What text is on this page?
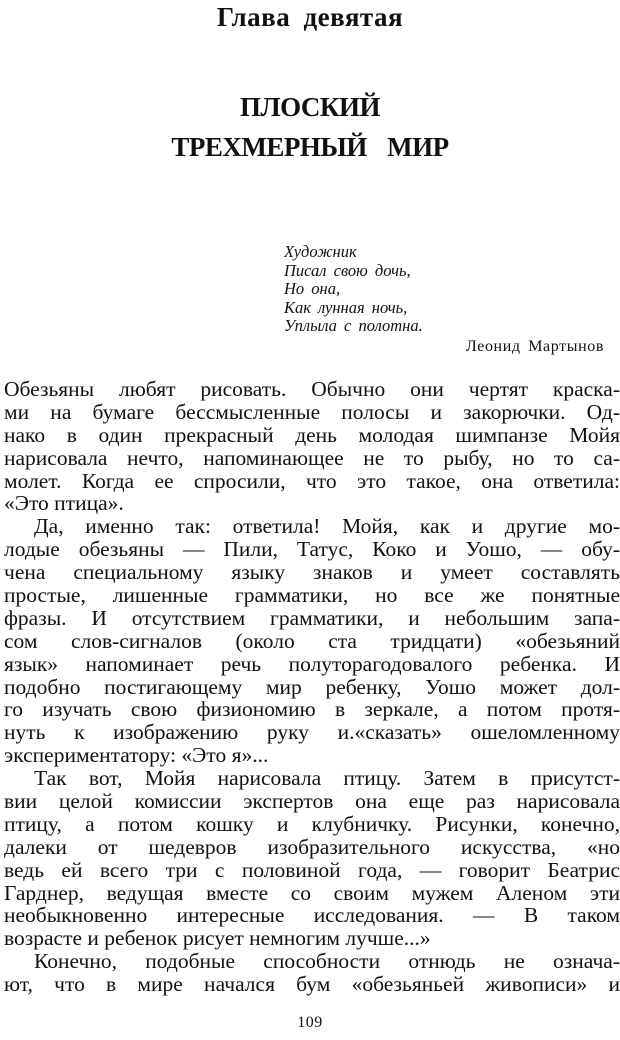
Глава девятая
ПЛОСКИЙ
ТРЕХМЕРНЫЙ МИР
Художник
Писал свою дочь,
Но она,
Как лунная ночь,
Уплыла с полотна.
Леонид Мартынов
Обезьяны любят рисовать. Обычно они чертят краска-
ми на бумаге бессмысленные полосы и закорючки. Од-
нако в один прекрасный день молодая шимпанзе Мойя
нарисовала нечто, напоминающее не то рыбу, но то са-
молет. Когда ее спросили, что это такое, она ответила:
«Это птица».
Да, именно так: ответила! Мойя, как и другие мо-
лодые обезьяны — Пили, Татус, Коко и Уошо, — обу-
чена специальному языку знаков и умеет составлять
простые, лишенные грамматики, но все же понятные
фразы. И отсутствием грамматики, и небольшим запа-
сом слов-сигналов (около ста тридцати) «обезьяний
язык» напоминает речь полуторагодовалого ребенка. И
подобно постигающему мир ребенку, Уошо может дол-
го изучать свою физиономию в зеркале, а потом протя-
нуть к изображению руку и.«сказать» ошеломленному
экспериментатору: «Это я»...
Так вот, Мойя нарисовала птицу. Затем в присутст-
вии целой комиссии экспертов она еще раз нарисовала
птицу, а потом кошку и клубничку. Рисунки, конечно,
далеки от шедевров изобразительного искусства, «но
ведь ей всего три с половиной года, — говорит Беатрис
Гарднер, ведущая вместе со своим мужем Аленом эти
необыкновенно интересные исследования. — В таком
возрасте и ребенок рисует немногим лучше...»
Конечно, подобные способности отнюдь не означа-
ют, что в мире начался бум «обезьяньей живописи» и
109
